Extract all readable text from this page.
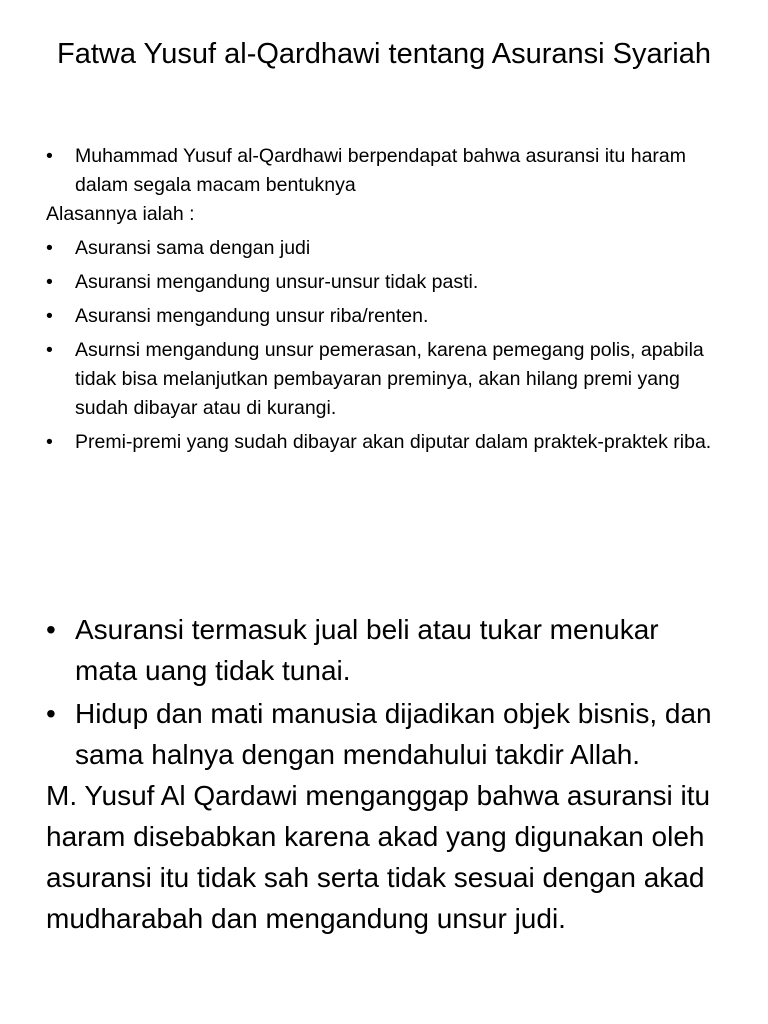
Fatwa Yusuf al-Qardhawi tentang Asuransi Syariah
• Muhammad Yusuf al-Qardhawi berpendapat bahwa asuransi itu haram dalam segala macam bentuknya
Alasannya ialah :
• Asuransi sama dengan judi
• Asuransi mengandung unsur-unsur tidak pasti.
• Asuransi mengandung unsur riba/renten.
• Asurnsi mengandung unsur pemerasan, karena pemegang polis, apabila tidak bisa melanjutkan pembayaran preminya, akan hilang premi yang sudah dibayar atau di kurangi.
• Premi-premi yang sudah dibayar akan diputar dalam praktek-praktek riba.
• Asuransi termasuk jual beli atau tukar menukar mata uang tidak tunai.
• Hidup dan mati manusia dijadikan objek bisnis, dan sama halnya dengan mendahului takdir Allah.
M. Yusuf Al Qardawi menganggap bahwa asuransi itu haram disebabkan karena akad yang digunakan oleh asuransi itu tidak sah serta tidak sesuai dengan akad mudharabah dan mengandung unsur judi.
